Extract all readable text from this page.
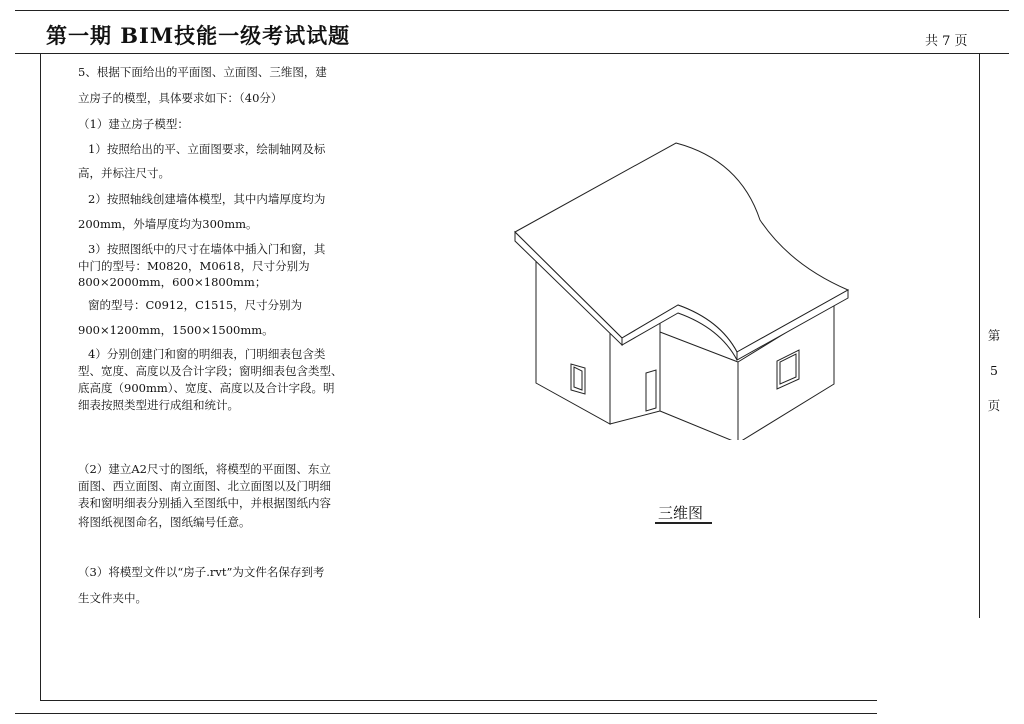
第一期 BIM技能一级考试试题	共 7 页
5、根据下面给出的平面图、立面图、三维图，建
立房子的模型，具体要求如下：（40分）
（1）建立房子模型：
1）按照给出的平、立面图要求，绘制轴网及标
高，并标注尺寸。
2）按照轴线创建墙体模型，其中内墙厚度均为
200mm，外墙厚度均为300mm。
3）按照图纸中的尺寸在墙体中插入门和窗，其
中门的型号：M0820，M0618，尺寸分别为
800×2000mm，600×1800mm；
窗的型号：C0912，C1515，尺寸分别为
900×1200mm，1500×1500mm。
4）分别创建门和窗的明细表，门明细表包含类
型、宽度、高度以及合计字段；窗明细表包含类型、
底高度（900mm）、宽度、高度以及合计字段。明
细表按照类型进行成组和统计。
（2）建立A2尺寸的图纸，将模型的平面图、东立
面图、西立面图、南立面图、北立面图以及门明细
表和窗明细表分别插入至图纸中，并根据图纸内容
将图纸视图命名，图纸编号任意。
（3）将模型文件以“房子.rvt”为文件名保存到考
生文件夹中。
第
5
页
三维图
